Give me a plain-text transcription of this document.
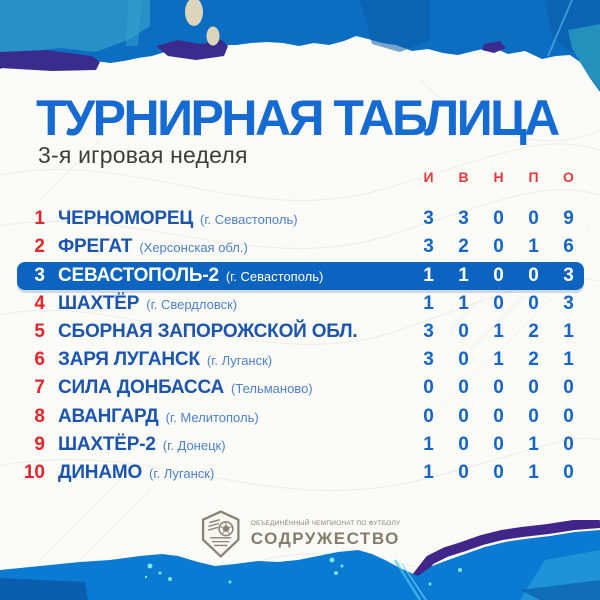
ТУРНИРНАЯ ТАБЛИЦА
3-я игровая неделя
И	В	Н	П	О
1 ЧЕРНОМОРЕЦ (г. Севастополь)	3	3	0	0	9
2 ФРЕГАТ (Херсонская обл.)	3	2	0	1	6
3 СЕВАСТОПОЛЬ-2 (г. Севастополь)	1	1	0	0	3
4 ШАХТЁР (г. Свердловск)	1	1	0	0	3
5 СБОРНАЯ ЗАПОРОЖСКОЙ ОБЛ.	3	0	1	2	1
6 ЗАРЯ ЛУГАНСК (г. Луганск)	3	0	1	2	1
7 СИЛА ДОНБАССА (Тельманово)	0	0	0	0	0
8 АВАНГАРД (г. Мелитополь)	0	0	0	0	0
9 ШАХТЁР-2 (г. Донецк)	1	0	0	1	0
10 ДИНАМО (г. Луганск)	1	0	0	1	0
ОБЪЕДИНЁННЫЙ ЧЕМПИОНАТ ПО ФУТБОЛУ
СОДРУЖЕСТВО
